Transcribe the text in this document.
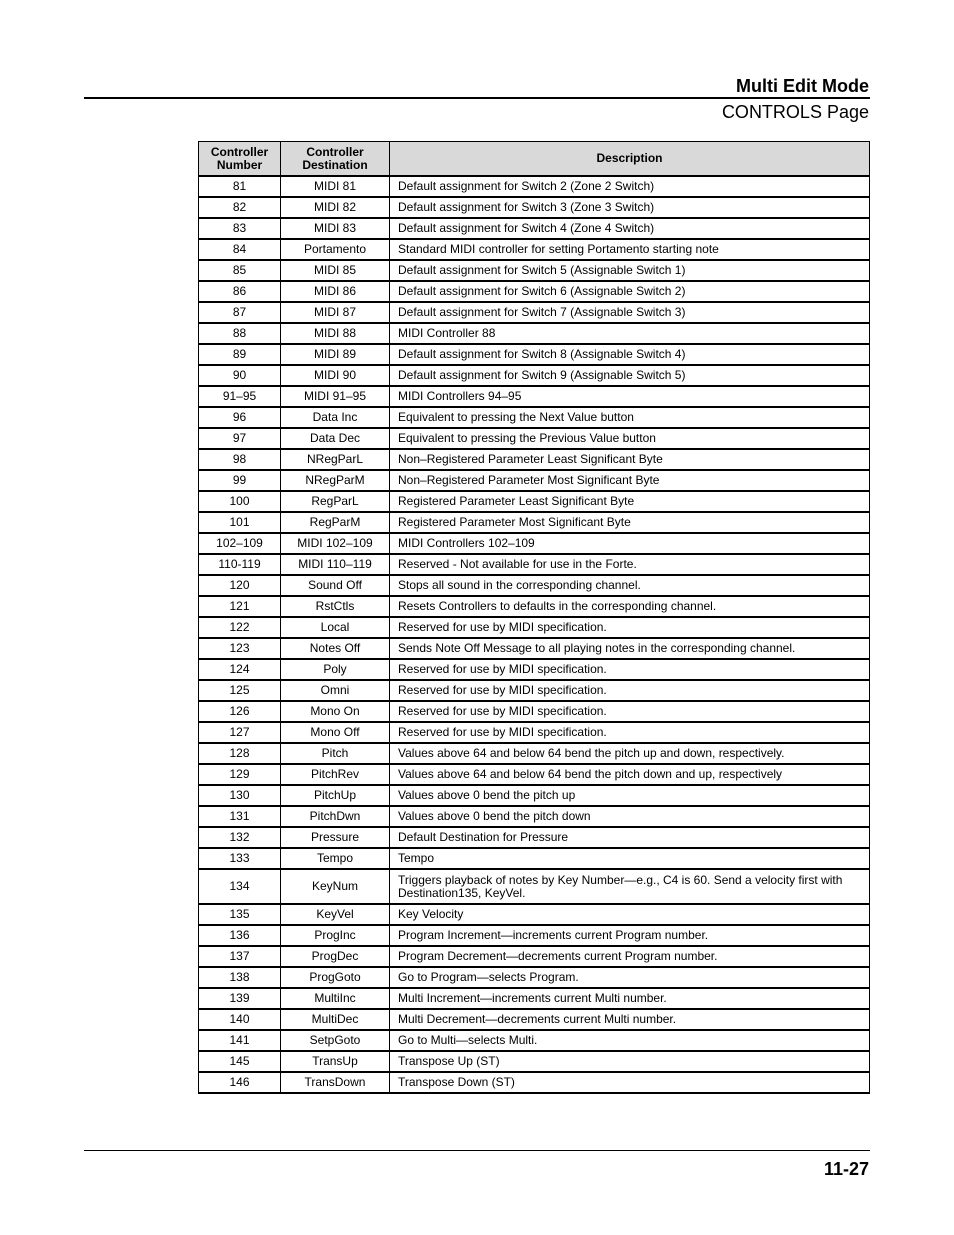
Multi Edit Mode
CONTROLS Page
Controller Number	Controller Destination	Description
81	MIDI 81	Default assignment for Switch 2 (Zone 2 Switch)
82	MIDI 82	Default assignment for Switch 3 (Zone 3 Switch)
83	MIDI 83	Default assignment for Switch 4 (Zone 4 Switch)
84	Portamento	Standard MIDI controller for setting Portamento starting note
85	MIDI 85	Default assignment for Switch 5 (Assignable Switch 1)
86	MIDI 86	Default assignment for Switch 6 (Assignable Switch 2)
87	MIDI 87	Default assignment for Switch 7 (Assignable Switch 3)
88	MIDI 88	MIDI Controller 88
89	MIDI 89	Default assignment for Switch 8 (Assignable Switch 4)
90	MIDI 90	Default assignment for Switch 9 (Assignable Switch 5)
91–95	MIDI 91–95	MIDI Controllers 94–95
96	Data Inc	Equivalent to pressing the Next Value button
97	Data Dec	Equivalent to pressing the Previous Value button
98	NRegParL	Non–Registered Parameter Least Significant Byte
99	NRegParM	Non–Registered Parameter Most Significant Byte
100	RegParL	Registered Parameter Least Significant Byte
101	RegParM	Registered Parameter Most Significant Byte
102–109	MIDI 102–109	MIDI Controllers 102–109
110-119	MIDI 110–119	Reserved - Not available for use in the Forte.
120	Sound Off	Stops all sound in the corresponding channel.
121	RstCtls	Resets Controllers to defaults in the corresponding channel.
122	Local	Reserved for use by MIDI specification.
123	Notes Off	Sends Note Off Message to all playing notes in the corresponding channel.
124	Poly	Reserved for use by MIDI specification.
125	Omni	Reserved for use by MIDI specification.
126	Mono On	Reserved for use by MIDI specification.
127	Mono Off	Reserved for use by MIDI specification.
128	Pitch	Values above 64 and below 64 bend the pitch up and down, respectively.
129	PitchRev	Values above 64 and below 64 bend the pitch down and up, respectively
130	PitchUp	Values above 0 bend the pitch up
131	PitchDwn	Values above 0 bend the pitch down
132	Pressure	Default Destination for Pressure
133	Tempo	Tempo
134	KeyNum	Triggers playback of notes by Key Number—e.g., C4 is 60. Send a velocity first with Destination135, KeyVel.
135	KeyVel	Key Velocity
136	ProgInc	Program Increment—increments current Program number.
137	ProgDec	Program Decrement—decrements current Program number.
138	ProgGoto	Go to Program—selects Program.
139	MultiInc	Multi Increment—increments current Multi number.
140	MultiDec	Multi Decrement—decrements current Multi number.
141	SetpGoto	Go to Multi—selects Multi.
145	TransUp	Transpose Up (ST)
146	TransDown	Transpose Down (ST)
11-27
